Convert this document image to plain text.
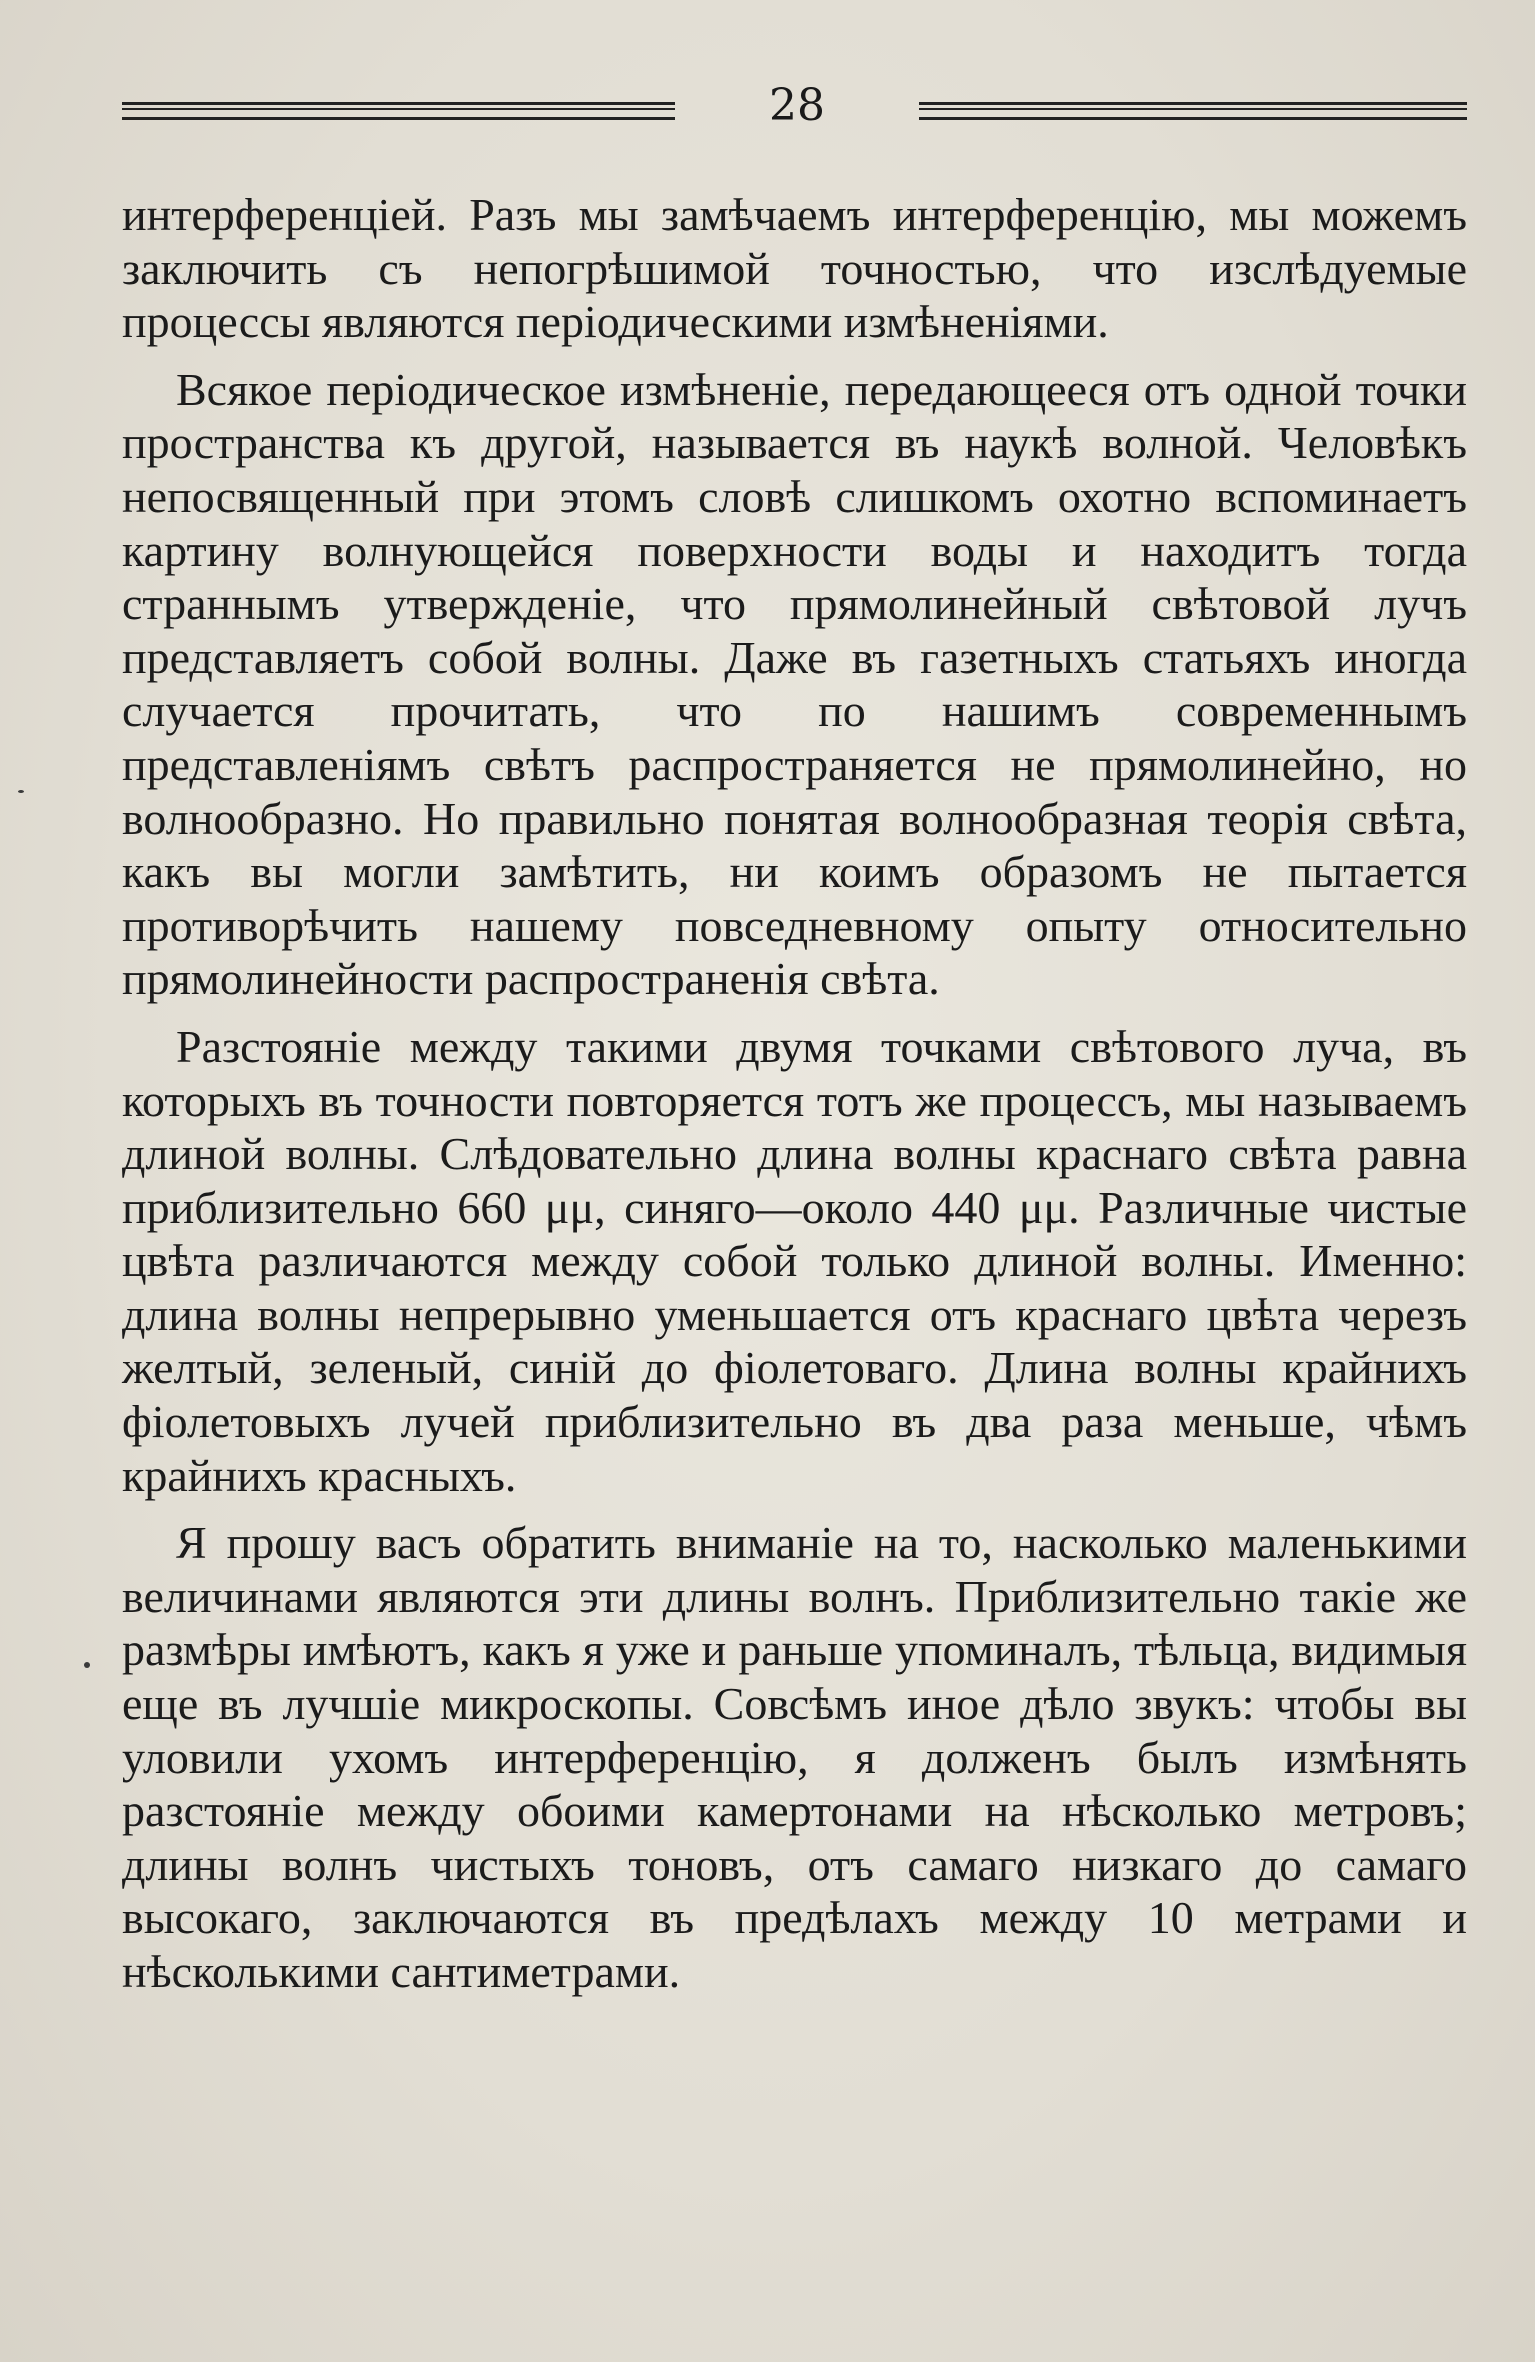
28

интерференціей. Разъ мы замѣчаемъ интерференцію, мы можемъ заключить съ непогрѣшимой точностью, что изслѣдуемые процессы являются періодическими измѣненіями.

Всякое періодическое измѣненіе, передающееся отъ одной точки пространства къ другой, называется въ наукѣ волной. Человѣкъ непосвященный при этомъ словѣ слишкомъ охотно вспоминаетъ картину волнующейся поверхности воды и находитъ тогда страннымъ утвержденіе, что прямолинейный свѣтовой лучъ представляетъ собой волны. Даже въ газетныхъ статьяхъ иногда случается прочитать, что по нашимъ современнымъ представленіямъ свѣтъ распространяется не прямолинейно, но волнообразно. Но правильно понятая волнообразная теорія свѣта, какъ вы могли замѣтить, ни коимъ образомъ не пытается противорѣчить нашему повседневному опыту относительно прямолинейности распространенія свѣта.

Разстояніе между такими двумя точками свѣтового луча, въ которыхъ въ точности повторяется тотъ же процессъ, мы называемъ длиной волны. Слѣдовательно длина волны краснаго свѣта равна приблизительно 660 μμ, синяго—около 440 μμ. Различные чистые цвѣта различаются между собой только длиной волны. Именно: длина волны непрерывно уменьшается отъ краснаго цвѣта черезъ желтый, зеленый, синій до фіолетоваго. Длина волны крайнихъ фіолетовыхъ лучей приблизительно въ два раза меньше, чѣмъ крайнихъ красныхъ.

Я прошу васъ обратить вниманіе на то, насколько маленькими величинами являются эти длины волнъ. Приблизительно такіе же размѣры имѣютъ, какъ я уже и раньше упоминалъ, тѣльца, видимыя еще въ лучшіе микроскопы. Совсѣмъ иное дѣло звукъ: чтобы вы уловили ухомъ интерференцію, я долженъ былъ измѣнять разстояніе между обоими камертонами на нѣсколько метровъ; длины волнъ чистыхъ тоновъ, отъ самаго низкаго до самаго высокаго, заключаются въ предѣлахъ между 10 метрами и нѣсколькими сантиметрами.
